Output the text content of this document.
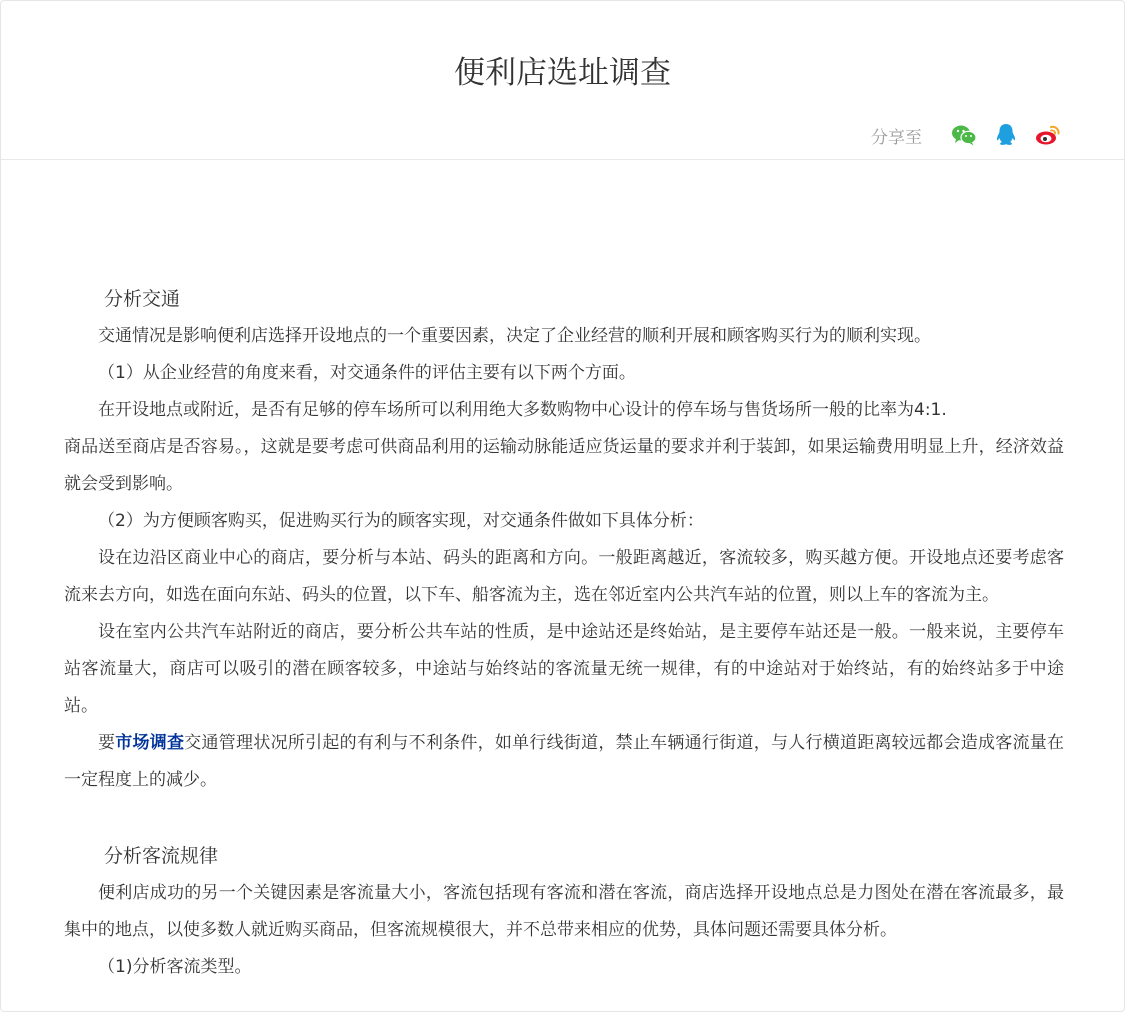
便利店选址调查
分享至
分析交通

交通情况是影响便利店选择开设地点的一个重要因素，决定了企业经营的顺利开展和顾客购买行为的顺利实现。

（1）从企业经营的角度来看，对交通条件的评估主要有以下两个方面。

在开设地点或附近，是否有足够的停车场所可以利用绝大多数购物中心设计的停车场与售货场所一般的比率为4:1.

商品送至商店是否容易。，这就是要考虑可供商品利用的运输动脉能适应货运量的要求并利于装卸，如果运输费用明显上升，经济效益就会受到影响。

（2）为方便顾客购买，促进购买行为的顾客实现，对交通条件做如下具体分析：

设在边沿区商业中心的商店，要分析与本站、码头的距离和方向。一般距离越近，客流较多，购买越方便。开设地点还要考虑客流来去方向，如选在面向东站、码头的位置，以下车、船客流为主，选在邻近室内公共汽车站的位置，则以上车的客流为主。

设在室内公共汽车站附近的商店，要分析公共车站的性质，是中途站还是终始站，是主要停车站还是一般。一般来说，主要停车站客流量大，商店可以吸引的潜在顾客较多，中途站与始终站的客流量无统一规律，有的中途站对于始终站，有的始终站多于中途站。

要市场调查交通管理状况所引起的有利与不利条件，如单行线街道，禁止车辆通行街道，与人行横道距离较远都会造成客流量在一定程度上的减少。

分析客流规律

便利店成功的另一个关键因素是客流量大小，客流包括现有客流和潜在客流，商店选择开设地点总是力图处在潜在客流最多，最集中的地点，以使多数人就近购买商品，但客流规模很大，并不总带来相应的优势，具体问题还需要具体分析。

（1)分析客流类型。
